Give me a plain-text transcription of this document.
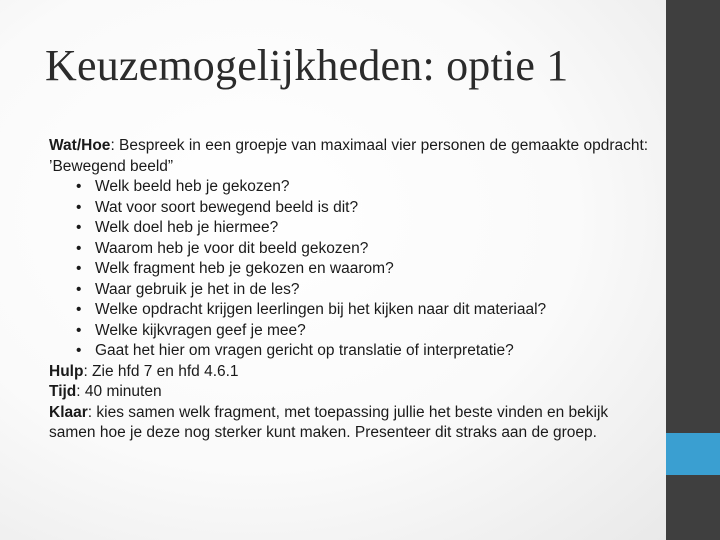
Keuzemogelijkheden: optie 1

Wat/Hoe: Bespreek in een groepje van maximaal vier personen de gemaakte opdracht: ’Bewegend beeld”

• Welk beeld heb je gekozen?
• Wat voor soort bewegend beeld is dit?
• Welk doel heb je hiermee?
• Waarom heb je voor dit beeld gekozen?
• Welk fragment heb je gekozen en waarom?
• Waar gebruik je het in de les?
• Welke opdracht krijgen leerlingen bij het kijken naar dit materiaal?
• Welke kijkvragen geef je mee?
• Gaat het hier om vragen gericht op translatie of interpretatie?

Hulp: Zie hfd 7 en hfd 4.6.1

Tijd: 40 minuten

Klaar: kies samen welk fragment, met toepassing jullie het beste vinden en bekijk samen hoe je deze nog sterker kunt maken. Presenteer dit straks aan de groep.
